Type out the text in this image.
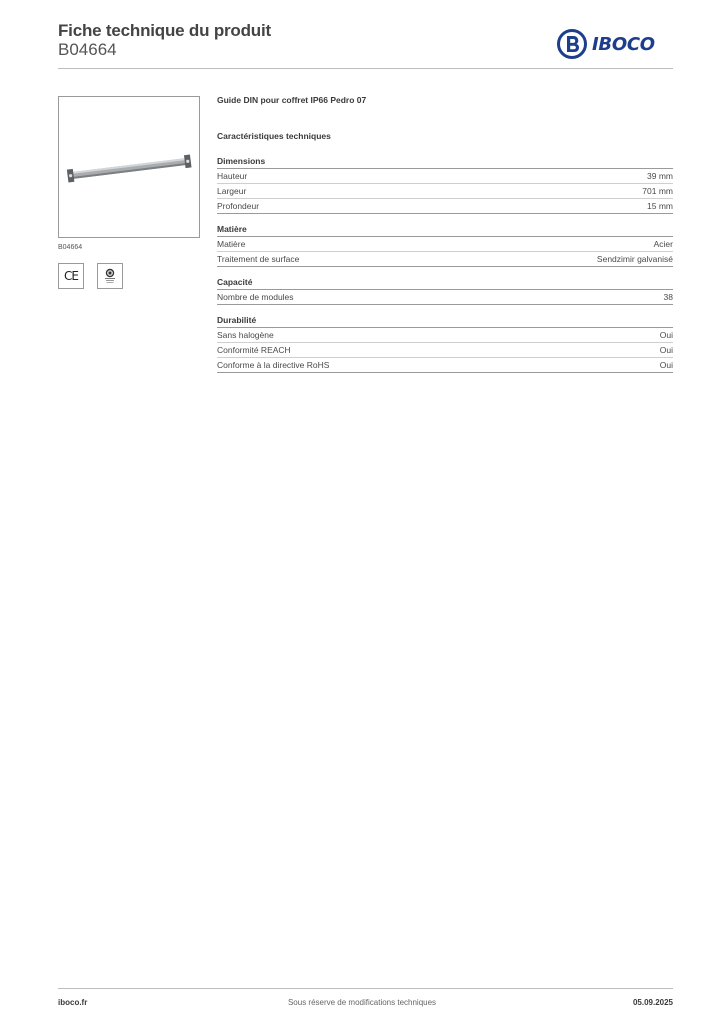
Fiche technique du produit
B04664	IBOCO
B04664
CE
Guide DIN pour coffret IP66 Pedro 07
Caractéristiques techniques
Dimensions
Hauteur	39 mm
Largeur	701 mm
Profondeur	15 mm
Matière
Matière	Acier
Traitement de surface	Sendzimir galvanisé
Capacité
Nombre de modules	38
Durabilité
Sans halogène	Oui
Conformité REACH	Oui
Conforme à la directive RoHS	Oui
iboco.fr	Sous réserve de modifications techniques	05.09.2025
